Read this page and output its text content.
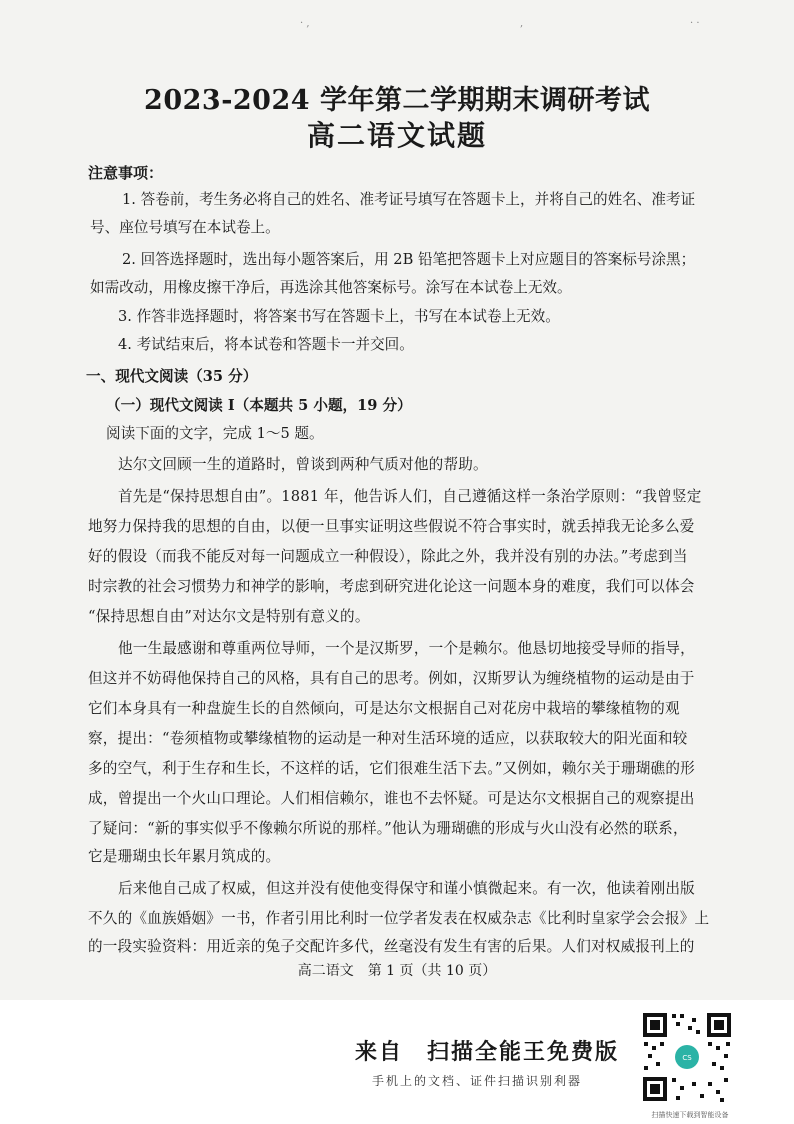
· ,	,	· ·
2023-2024 学年第二学期期末调研考试
高二语文试题
注意事项：
1. 答卷前，考生务必将自己的姓名、准考证号填写在答题卡上，并将自己的姓名、准考证
号、座位号填写在本试卷上。
2. 回答选择题时，选出每小题答案后，用 2B 铅笔把答题卡上对应题目的答案标号涂黑；
如需改动，用橡皮擦干净后，再选涂其他答案标号。涂写在本试卷上无效。
3. 作答非选择题时，将答案书写在答题卡上，书写在本试卷上无效。
4. 考试结束后，将本试卷和答题卡一并交回。
一、现代文阅读（35 分）
（一）现代文阅读 Ⅰ（本题共 5 小题，19 分）
阅读下面的文字，完成 1～5 题。
达尔文回顾一生的道路时，曾谈到两种气质对他的帮助。
首先是“保持思想自由”。1881 年，他告诉人们，自己遵循这样一条治学原则：“我曾竖定
地努力保持我的思想的自由，以便一旦事实证明这些假说不符合事实时，就丢掉我无论多么爱
好的假设（而我不能反对每一问题成立一种假设），除此之外，我并没有别的办法。”考虑到当
时宗教的社会习惯势力和神学的影响，考虑到研究进化论这一问题本身的难度，我们可以体会
“保持思想自由”对达尔文是特别有意义的。
他一生最感谢和尊重两位导师，一个是汉斯罗，一个是赖尔。他恳切地接受导师的指导，
但这并不妨碍他保持自己的风格，具有自己的思考。例如，汉斯罗认为缠绕植物的运动是由于
它们本身具有一种盘旋生长的自然倾向，可是达尔文根据自己对花房中栽培的攀缘植物的观
察，提出：“卷须植物或攀缘植物的运动是一种对生活环境的适应，以获取较大的阳光面和较
多的空气，利于生存和生长，不这样的话，它们很难生活下去。”又例如，赖尔关于珊瑚礁的形
成，曾提出一个火山口理论。人们相信赖尔，谁也不去怀疑。可是达尔文根据自己的观察提出
了疑问：“新的事实似乎不像赖尔所说的那样。”他认为珊瑚礁的形成与火山没有必然的联系，
它是珊瑚虫长年累月筑成的。
后来他自己成了权威，但这并没有使他变得保守和谨小慎微起来。有一次，他读着刚出版
不久的《血族婚姻》一书，作者引用比利时一位学者发表在权威杂志《比利时皇家学会会报》上
的一段实验资料：用近亲的兔子交配许多代，丝毫没有发生有害的后果。人们对权威报刊上的
高二语文　第 1 页（共 10 页）
来自　扫描全能王免费版
手机上的文档、证件扫描识别利器
CS
扫描快速下载到智能设备
